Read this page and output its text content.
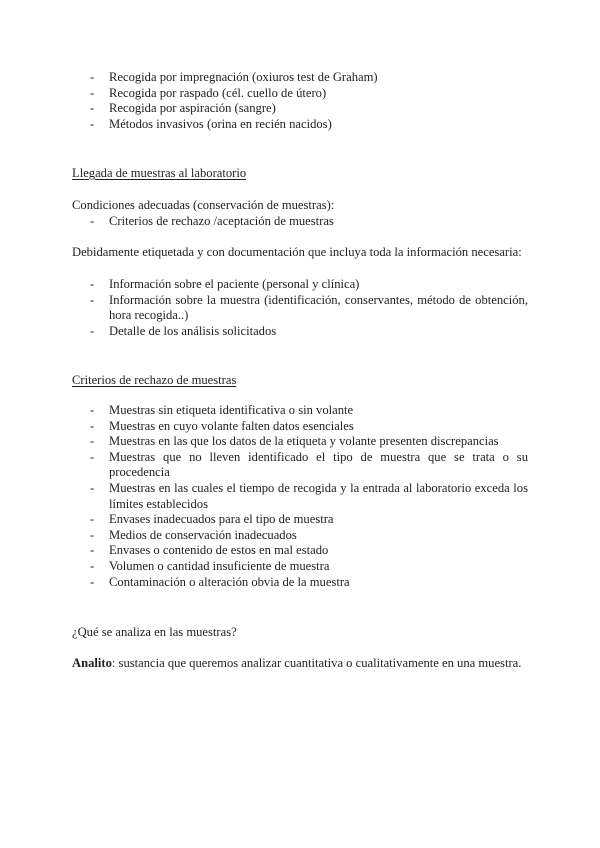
- Recogida por impregnación (oxiuros test de Graham)
- Recogida por raspado (cél. cuello de útero)
- Recogida por aspiración (sangre)
- Métodos invasivos (orina en recién nacidos)

Llegada de muestras al laboratorio

Condiciones adecuadas (conservación de muestras):

- Criterios de rechazo /aceptación de muestras

Debidamente etiquetada y con documentación que incluya toda la información necesaria:

- Información sobre el paciente (personal y clínica)
- Información sobre la muestra (identificación, conservantes, método de obtención, hora recogida..)
- Detalle de los análisis solicitados

Criterios de rechazo de muestras

- Muestras sin etiqueta identificativa o sin volante
- Muestras en cuyo volante falten datos esenciales
- Muestras en las que los datos de la etiqueta y volante presenten discrepancias
- Muestras que no lleven identificado el tipo de muestra que se trata o su procedencia
- Muestras en las cuales el tiempo de recogida y la entrada al laboratorio exceda los límites establecidos
- Envases inadecuados para el tipo de muestra
- Medios de conservación inadecuados
- Envases o contenido de estos en mal estado
- Volumen o cantidad insuficiente de muestra
- Contaminación o alteración obvia de la muestra

¿Qué se analiza en las muestras?

Analito: sustancia que queremos analizar cuantitativa o cualitativamente en una muestra.
